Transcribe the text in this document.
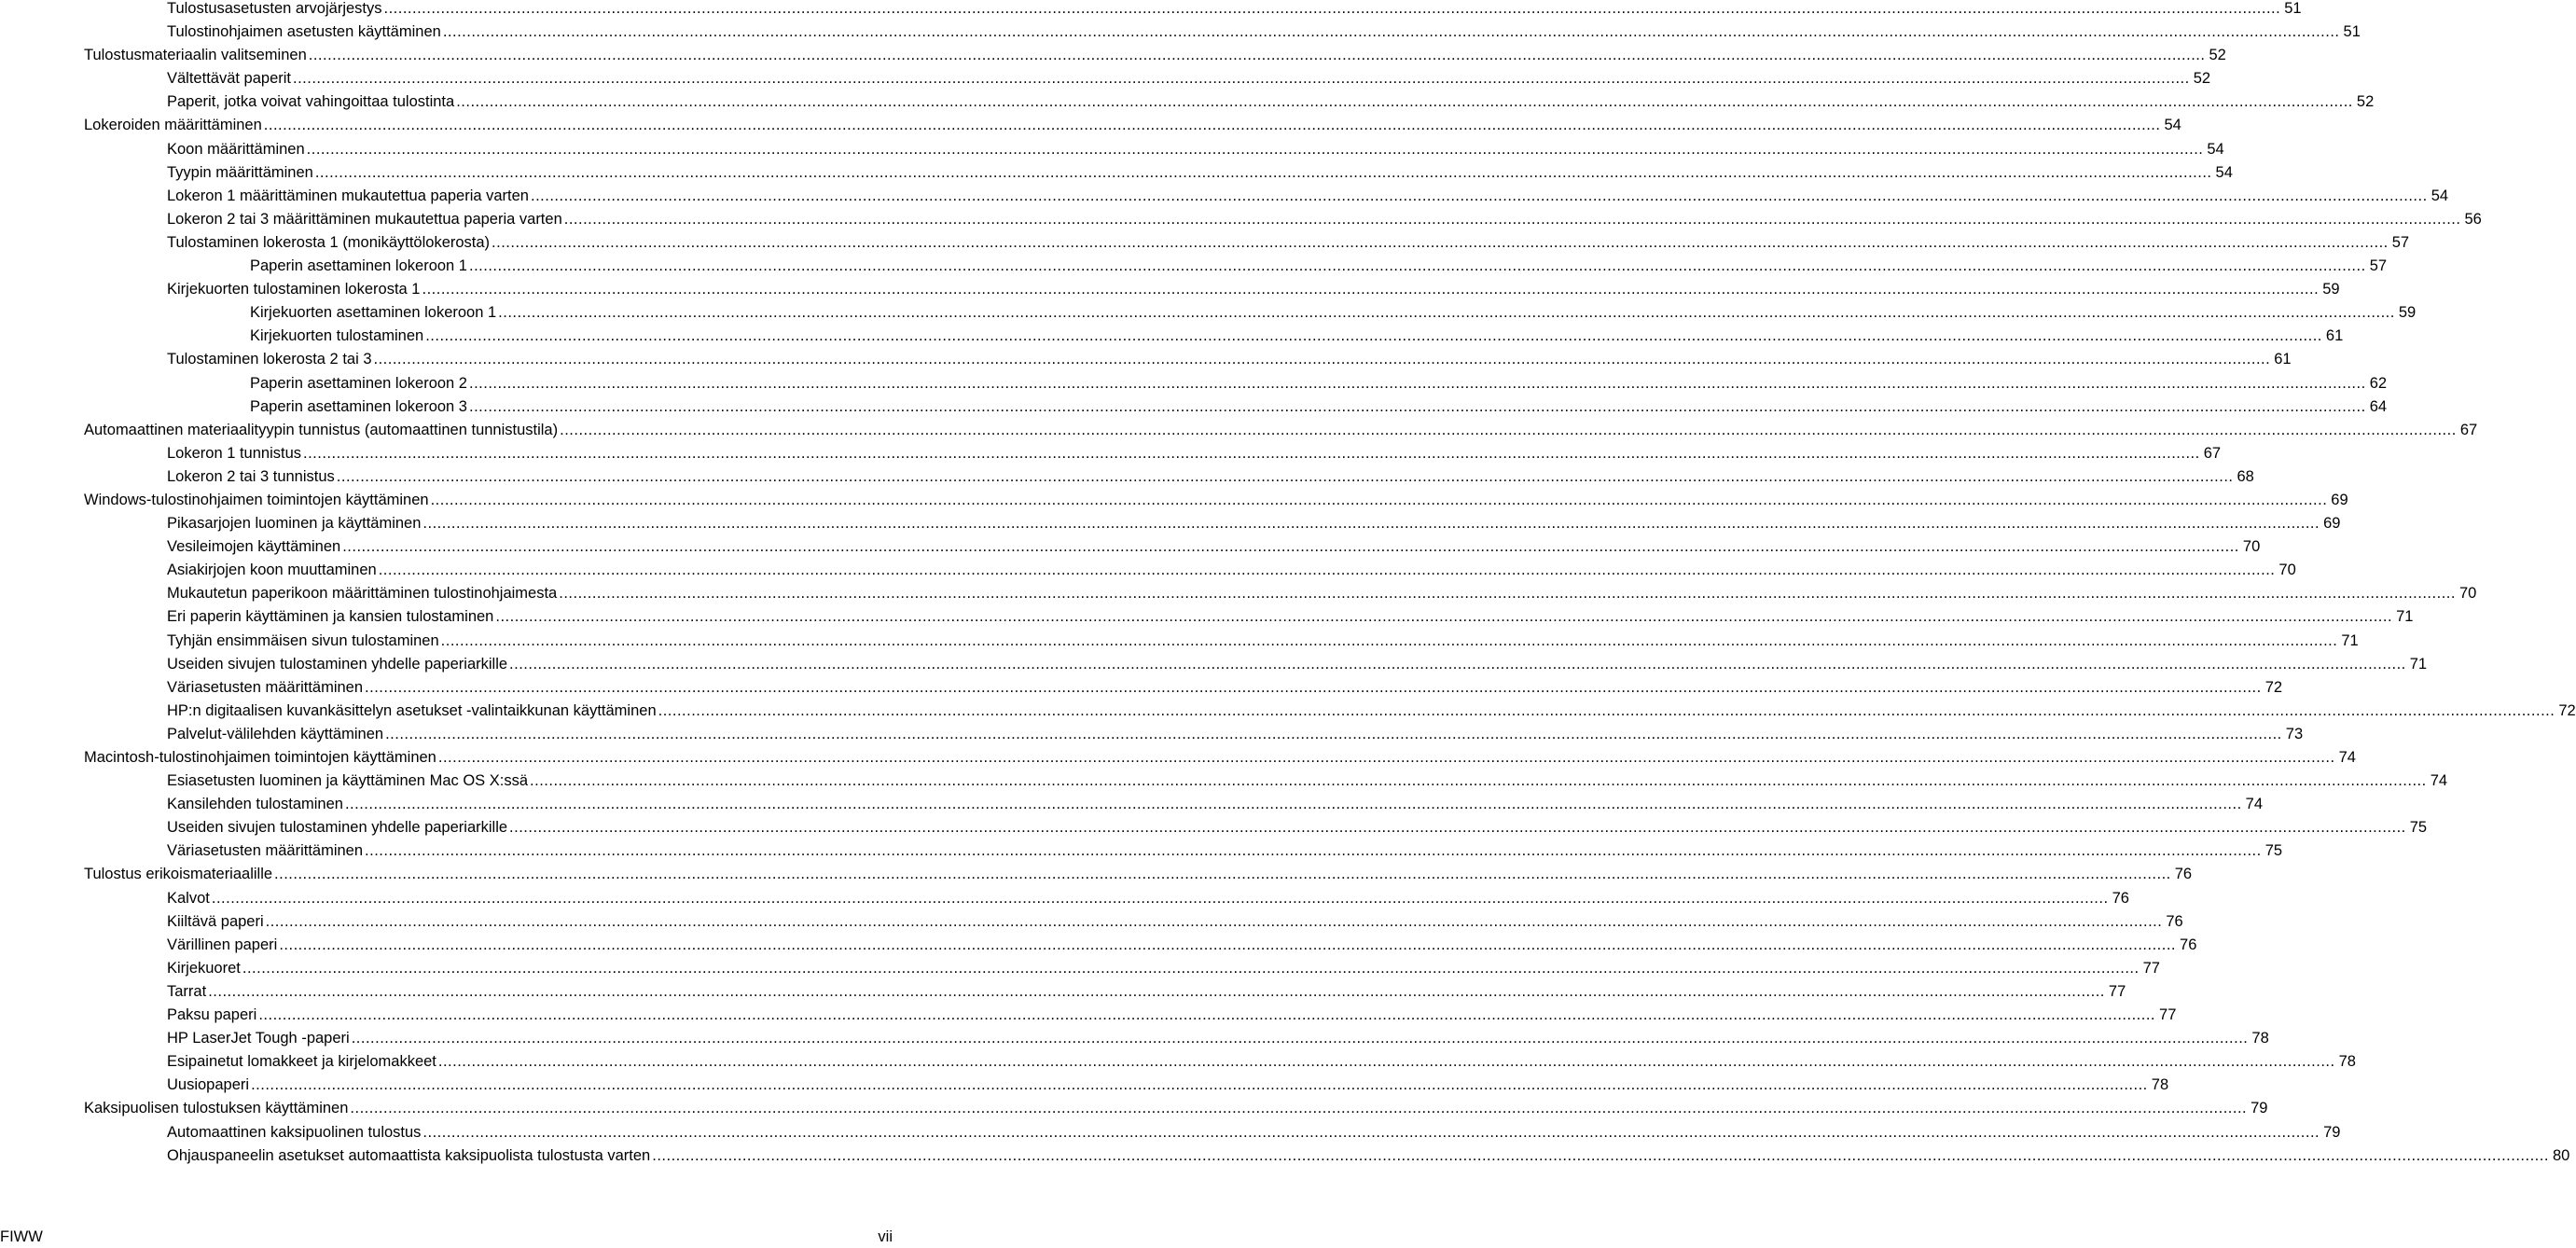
Tulostusasetusten arvojärjestys ................................................................................................................................................................................................................................................................................................................................................................................................................ 51
Tulostinohjaimen asetusten käyttäminen ................................................................................................................................................................................................................................................................................................................................................................................................................ 51
Tulostusmateriaalin valitseminen ................................................................................................................................................................................................................................................................................................................................................................................................................ 52
Vältettävät paperit ................................................................................................................................................................................................................................................................................................................................................................................................................ 52
Paperit, jotka voivat vahingoittaa tulostinta ................................................................................................................................................................................................................................................................................................................................................................................................................ 52
Lokeroiden määrittäminen ................................................................................................................................................................................................................................................................................................................................................................................................................ 54
Koon määrittäminen ................................................................................................................................................................................................................................................................................................................................................................................................................ 54
Tyypin määrittäminen ................................................................................................................................................................................................................................................................................................................................................................................................................ 54
Lokeron 1 määrittäminen mukautettua paperia varten ................................................................................................................................................................................................................................................................................................................................................................................................................ 54
Lokeron 2 tai 3 määrittäminen mukautettua paperia varten ................................................................................................................................................................................................................................................................................................................................................................................................................ 56
Tulostaminen lokerosta 1 (monikäyttölokerosta) ................................................................................................................................................................................................................................................................................................................................................................................................................ 57
Paperin asettaminen lokeroon 1 ................................................................................................................................................................................................................................................................................................................................................................................................................ 57
Kirjekuorten tulostaminen lokerosta 1 ................................................................................................................................................................................................................................................................................................................................................................................................................ 59
Kirjekuorten asettaminen lokeroon 1 ................................................................................................................................................................................................................................................................................................................................................................................................................ 59
Kirjekuorten tulostaminen ................................................................................................................................................................................................................................................................................................................................................................................................................ 61
Tulostaminen lokerosta 2 tai 3 ................................................................................................................................................................................................................................................................................................................................................................................................................ 61
Paperin asettaminen lokeroon 2 ................................................................................................................................................................................................................................................................................................................................................................................................................ 62
Paperin asettaminen lokeroon 3 ................................................................................................................................................................................................................................................................................................................................................................................................................ 64
Automaattinen materiaalityypin tunnistus (automaattinen tunnistustila) ................................................................................................................................................................................................................................................................................................................................................................................................................ 67
Lokeron 1 tunnistus ................................................................................................................................................................................................................................................................................................................................................................................................................ 67
Lokeron 2 tai 3 tunnistus ................................................................................................................................................................................................................................................................................................................................................................................................................ 68
Windows-tulostinohjaimen toimintojen käyttäminen ................................................................................................................................................................................................................................................................................................................................................................................................................ 69
Pikasarjojen luominen ja käyttäminen ................................................................................................................................................................................................................................................................................................................................................................................................................ 69
Vesileimojen käyttäminen ................................................................................................................................................................................................................................................................................................................................................................................................................ 70
Asiakirjojen koon muuttaminen ................................................................................................................................................................................................................................................................................................................................................................................................................ 70
Mukautetun paperikoon määrittäminen tulostinohjaimesta ................................................................................................................................................................................................................................................................................................................................................................................................................ 70
Eri paperin käyttäminen ja kansien tulostaminen ................................................................................................................................................................................................................................................................................................................................................................................................................ 71
Tyhjän ensimmäisen sivun tulostaminen ................................................................................................................................................................................................................................................................................................................................................................................................................ 71
Useiden sivujen tulostaminen yhdelle paperiarkille ................................................................................................................................................................................................................................................................................................................................................................................................................ 71
Väriasetusten määrittäminen ................................................................................................................................................................................................................................................................................................................................................................................................................ 72
HP:n digitaalisen kuvankäsittelyn asetukset -valintaikkunan käyttäminen ................................................................................................................................................................................................................................................................................................................................................................................................................ 72
Palvelut-välilehden käyttäminen ................................................................................................................................................................................................................................................................................................................................................................................................................ 73
Macintosh-tulostinohjaimen toimintojen käyttäminen ................................................................................................................................................................................................................................................................................................................................................................................................................ 74
Esiasetusten luominen ja käyttäminen Mac OS X:ssä ................................................................................................................................................................................................................................................................................................................................................................................................................ 74
Kansilehden tulostaminen ................................................................................................................................................................................................................................................................................................................................................................................................................ 74
Useiden sivujen tulostaminen yhdelle paperiarkille ................................................................................................................................................................................................................................................................................................................................................................................................................ 75
Väriasetusten määrittäminen ................................................................................................................................................................................................................................................................................................................................................................................................................ 75
Tulostus erikoismateriaalille ................................................................................................................................................................................................................................................................................................................................................................................................................ 76
Kalvot ................................................................................................................................................................................................................................................................................................................................................................................................................ 76
Kiiltävä paperi ................................................................................................................................................................................................................................................................................................................................................................................................................ 76
Värillinen paperi ................................................................................................................................................................................................................................................................................................................................................................................................................ 76
Kirjekuoret ................................................................................................................................................................................................................................................................................................................................................................................................................ 77
Tarrat ................................................................................................................................................................................................................................................................................................................................................................................................................ 77
Paksu paperi ................................................................................................................................................................................................................................................................................................................................................................................................................ 77
HP LaserJet Tough -paperi ................................................................................................................................................................................................................................................................................................................................................................................................................ 78
Esipainetut lomakkeet ja kirjelomakkeet ................................................................................................................................................................................................................................................................................................................................................................................................................ 78
Uusiopaperi ................................................................................................................................................................................................................................................................................................................................................................................................................ 78
Kaksipuolisen tulostuksen käyttäminen ................................................................................................................................................................................................................................................................................................................................................................................................................ 79
Automaattinen kaksipuolinen tulostus ................................................................................................................................................................................................................................................................................................................................................................................................................ 79
Ohjauspaneelin asetukset automaattista kaksipuolista tulostusta varten ................................................................................................................................................................................................................................................................................................................................................................................................................ 80
FIWW	vii
